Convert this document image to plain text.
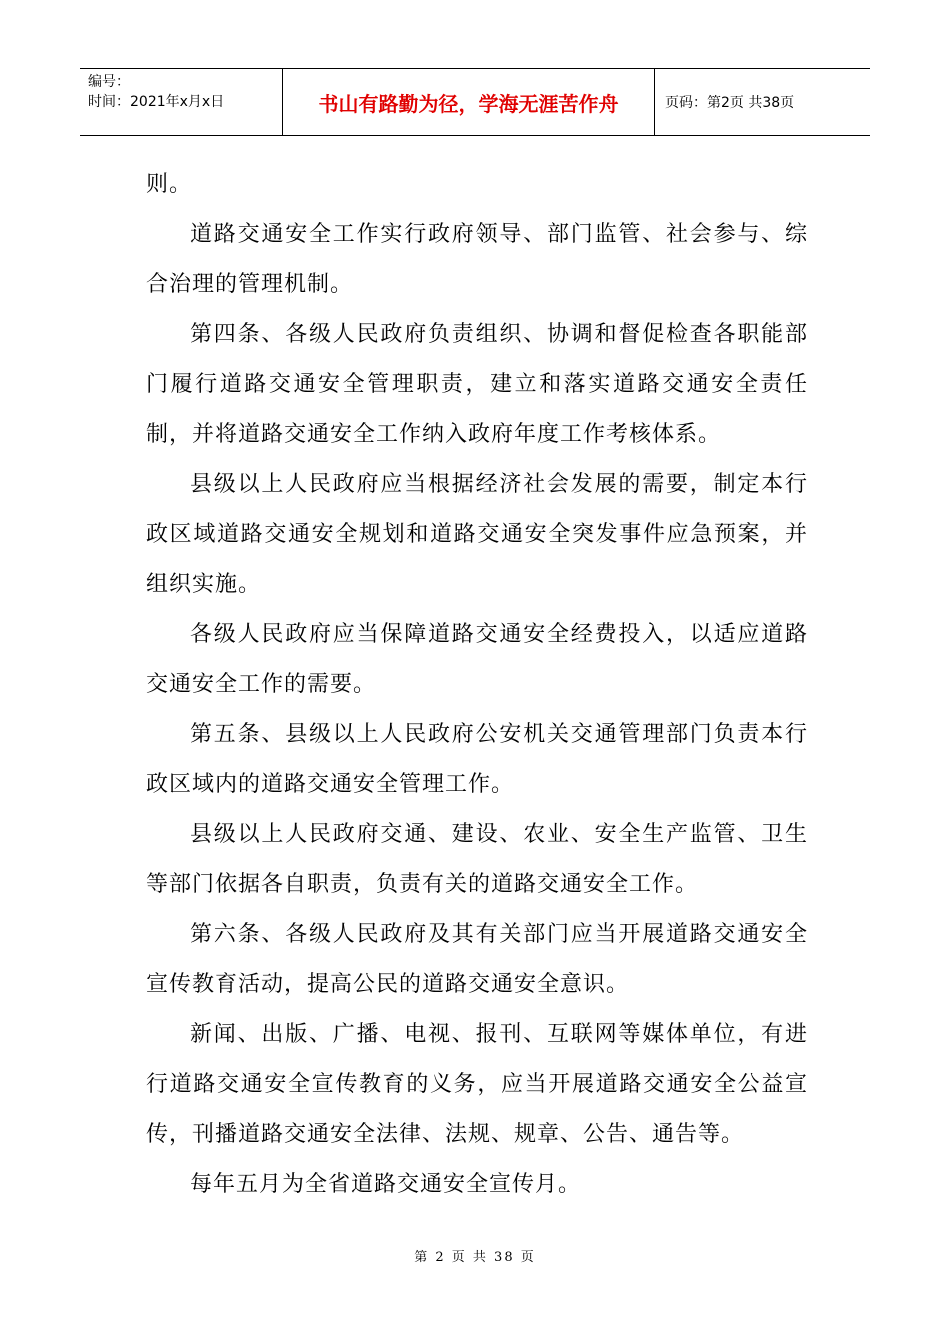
编号：
时间：2021年x月x日	书山有路勤为径，学海无涯苦作舟	页码：第2页 共38页

则。

道路交通安全工作实行政府领导、部门监管、社会参与、综合治理的管理机制。

第四条、各级人民政府负责组织、协调和督促检查各职能部门履行道路交通安全管理职责，建立和落实道路交通安全责任制，并将道路交通安全工作纳入政府年度工作考核体系。

县级以上人民政府应当根据经济社会发展的需要，制定本行政区域道路交通安全规划和道路交通安全突发事件应急预案，并组织实施。

各级人民政府应当保障道路交通安全经费投入，以适应道路交通安全工作的需要。

第五条、县级以上人民政府公安机关交通管理部门负责本行政区域内的道路交通安全管理工作。

县级以上人民政府交通、建设、农业、安全生产监管、卫生等部门依据各自职责，负责有关的道路交通安全工作。

第六条、各级人民政府及其有关部门应当开展道路交通安全宣传教育活动，提高公民的道路交通安全意识。

新闻、出版、广播、电视、报刊、互联网等媒体单位，有进行道路交通安全宣传教育的义务，应当开展道路交通安全公益宣传，刊播道路交通安全法律、法规、规章、公告、通告等。

每年五月为全省道路交通安全宣传月。

第 2 页 共 38 页
